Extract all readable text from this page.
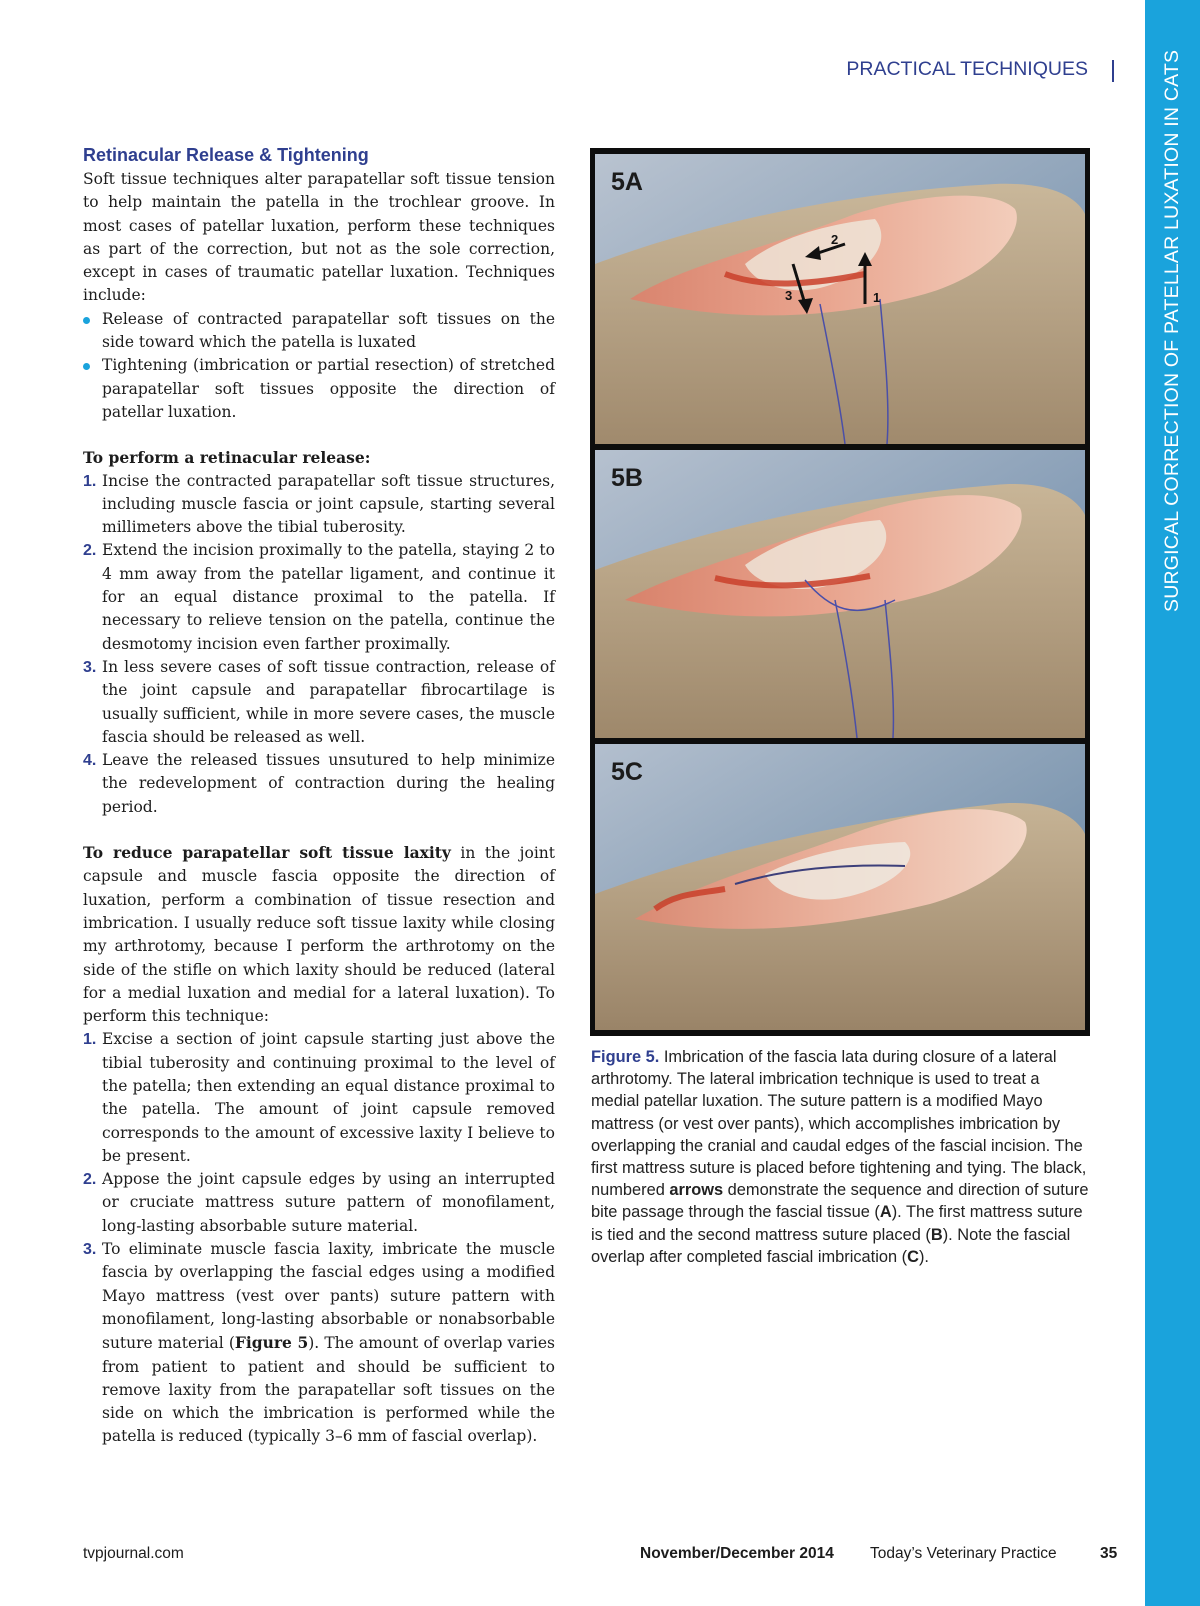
SURGICAL CORRECTION OF PATELLAR LUXATION IN CATS
PRACTICAL TECHNIQUES
Retinacular Release & Tightening

Soft tissue techniques alter parapatellar soft tissue tension to help maintain the patella in the trochlear groove. In most cases of patellar luxation, perform these techniques as part of the correction, but not as the sole correction, except in cases of traumatic patellar luxation. Techniques include:

Release of contracted parapatellar soft tissues on the side toward which the patella is luxated
Tightening (imbrication or partial resection) of stretched parapatellar soft tissues opposite the direction of patellar luxation.

To perform a retinacular release:

1. Incise the contracted parapatellar soft tissue structures, including muscle fascia or joint capsule, starting several millimeters above the tibial tuberosity.
2. Extend the incision proximally to the patella, staying 2 to 4 mm away from the patellar ligament, and continue it for an equal distance proximal to the patella. If necessary to relieve tension on the patella, continue the desmotomy incision even farther proximally.
3. In less severe cases of soft tissue contraction, release of the joint capsule and parapatellar fibrocartilage is usually sufficient, while in more severe cases, the muscle fascia should be released as well.
4. Leave the released tissues unsutured to help minimize the redevelopment of contraction during the healing period.

To reduce parapatellar soft tissue laxity in the joint capsule and muscle fascia opposite the direction of luxation, perform a combination of tissue resection and imbrication. I usually reduce soft tissue laxity while closing my arthrotomy, because I perform the arthrotomy on the side of the stifle on which laxity should be reduced (lateral for a medial luxation and medial for a lateral luxation). To perform this technique:

1. Excise a section of joint capsule starting just above the tibial tuberosity and continuing proximal to the level of the patella; then extending an equal distance proximal to the patella. The amount of joint capsule removed corresponds to the amount of excessive laxity I believe to be present.
2. Appose the joint capsule edges by using an interrupted or cruciate mattress suture pattern of monofilament, long-lasting absorbable suture material.
3. To eliminate muscle fascia laxity, imbricate the muscle fascia by overlapping the fascial edges using a modified Mayo mattress (vest over pants) suture pattern with monofilament, long-lasting absorbable or nonabsorbable suture material (Figure 5). The amount of overlap varies from patient to patient and should be sufficient to remove laxity from the parapatellar soft tissues on the side on which the imbrication is performed while the patella is reduced (typically 3–6 mm of fascial overlap).
1
2
3
5A
5B
5C
Figure 5. Imbrication of the fascia lata during closure of a lateral arthrotomy. The lateral imbrication technique is used to treat a medial patellar luxation. The suture pattern is a modified Mayo mattress (or vest over pants), which accomplishes imbrication by overlapping the cranial and caudal edges of the fascial incision. The first mattress suture is placed before tightening and tying. The black, numbered arrows demonstrate the sequence and direction of suture bite passage through the fascial tissue (A). The first mattress suture is tied and the second mattress suture placed (B). Note the fascial overlap after completed fascial imbrication (C).
tvpjournal.com	November/December 2014 Today’s Veterinary Practice	35
